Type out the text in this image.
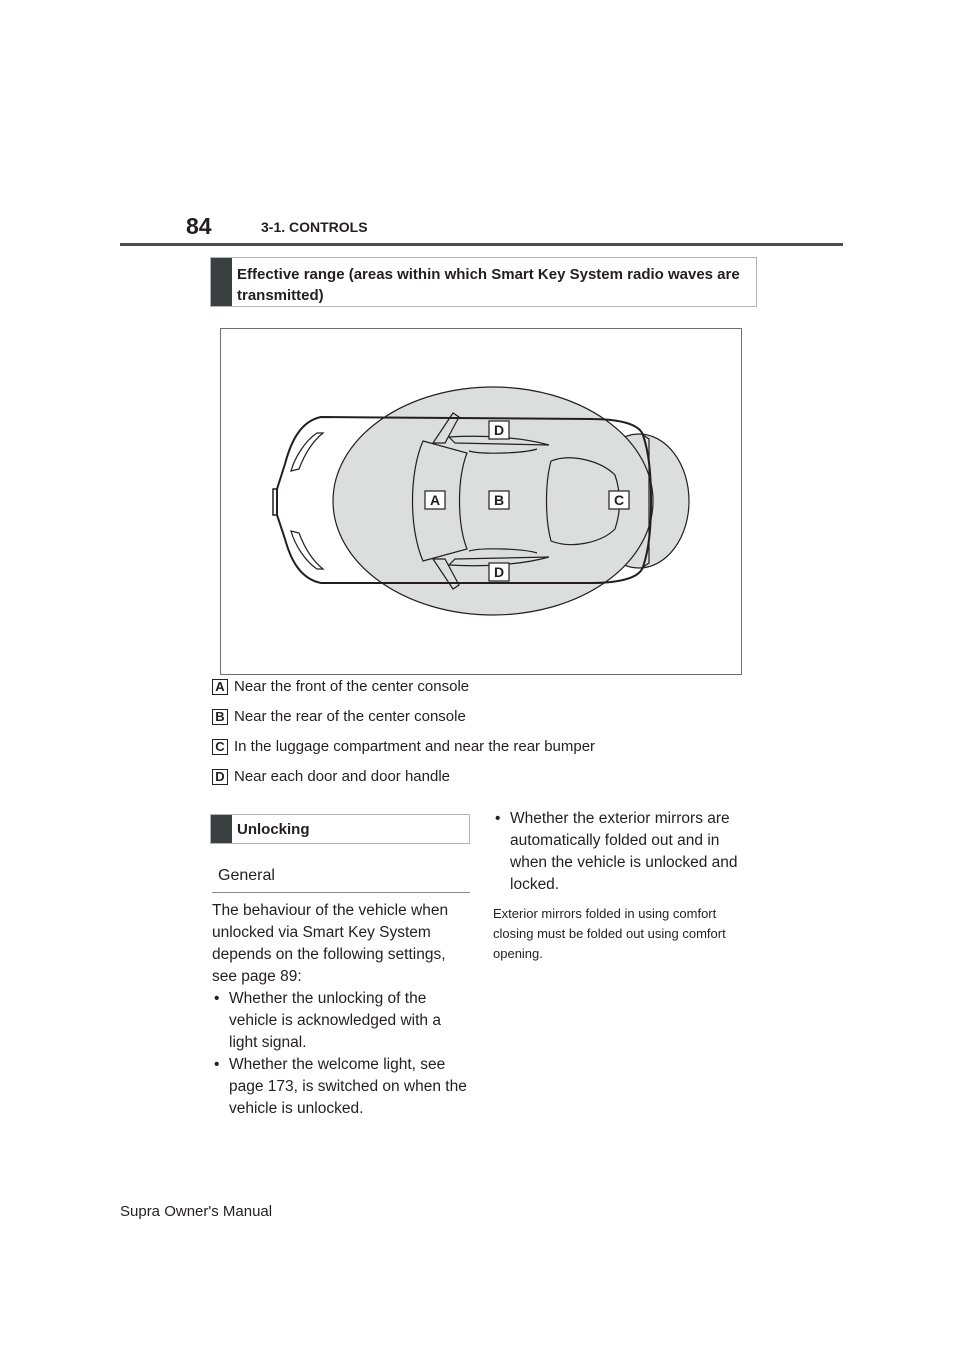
84	3-1. CONTROLS
Effective range (areas within which Smart Key System radio waves are transmitted)
D
A	B	C
D
A Near the front of the center console
B Near the rear of the center console
C In the luggage compartment and near the rear bumper
D Near each door and door handle
Unlocking
General

The behaviour of the vehicle when unlocked via Smart Key System depends on the following settings, see page 89:

• Whether the unlocking of the vehicle is acknowledged with a light signal.
• Whether the welcome light, see page 173, is switched on when the vehicle is unlocked.
• Whether the exterior mirrors are automatically folded out and in when the vehicle is unlocked and locked.

Exterior mirrors folded in using comfort closing must be folded out using comfort opening.

Supra Owner's Manual
